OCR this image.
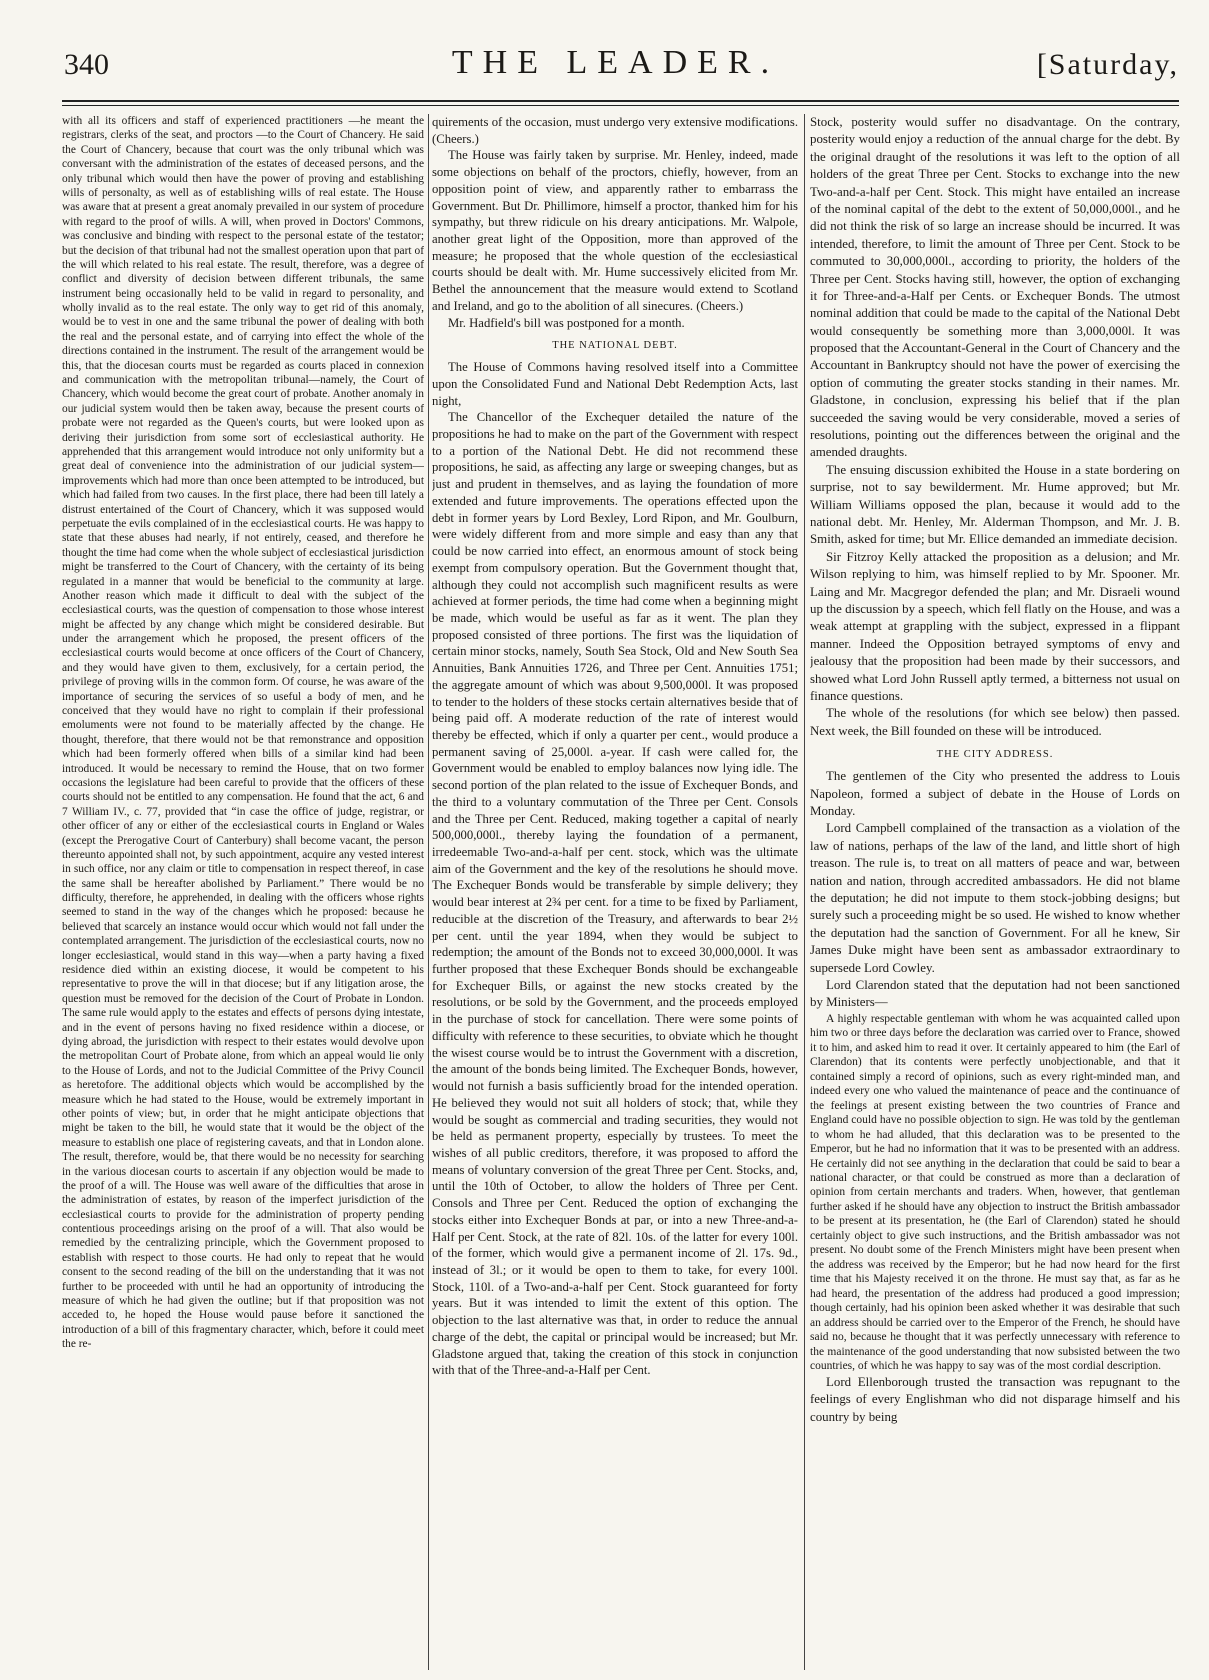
340	THE LEADER.	[Saturday,

with all its officers and staff of experienced practitioners —he meant the registrars, clerks of the seat, and proctors —to the Court of Chancery. He said the Court of Chancery, because that court was the only tribunal which was conversant with the administration of the estates of deceased persons, and the only tribunal which would then have the power of proving and establishing wills of personalty, as well as of establishing wills of real estate. The House was aware that at present a great anomaly prevailed in our system of procedure with regard to the proof of wills. A will, when proved in Doctors' Commons, was conclusive and binding with respect to the personal estate of the testator; but the decision of that tribunal had not the smallest operation upon that part of the will which related to his real estate. The result, therefore, was a degree of conflict and diversity of decision between different tribunals, the same instrument being occasionally held to be valid in regard to personality, and wholly invalid as to the real estate. The only way to get rid of this anomaly, would be to vest in one and the same tribunal the power of dealing with both the real and the personal estate, and of carrying into effect the whole of the directions contained in the instrument. The result of the arrangement would be this, that the diocesan courts must be regarded as courts placed in connexion and communication with the metropolitan tribunal—namely, the Court of Chancery, which would become the great court of probate. Another anomaly in our judicial system would then be taken away, because the present courts of probate were not regarded as the Queen's courts, but were looked upon as deriving their jurisdiction from some sort of ecclesiastical authority. He apprehended that this arrangement would introduce not only uniformity but a great deal of convenience into the administration of our judicial system—improvements which had more than once been attempted to be introduced, but which had failed from two causes. In the first place, there had been till lately a distrust entertained of the Court of Chancery, which it was supposed would perpetuate the evils complained of in the ecclesiastical courts. He was happy to state that these abuses had nearly, if not entirely, ceased, and therefore he thought the time had come when the whole subject of ecclesiastical jurisdiction might be transferred to the Court of Chancery, with the certainty of its being regulated in a manner that would be beneficial to the community at large. Another reason which made it difficult to deal with the subject of the ecclesiastical courts, was the question of compensation to those whose interest might be affected by any change which might be considered desirable. But under the arrangement which he proposed, the present officers of the ecclesiastical courts would become at once officers of the Court of Chancery, and they would have given to them, exclusively, for a certain period, the privilege of proving wills in the common form. Of course, he was aware of the importance of securing the services of so useful a body of men, and he conceived that they would have no right to complain if their professional emoluments were not found to be materially affected by the change. He thought, therefore, that there would not be that remonstrance and opposition which had been formerly offered when bills of a similar kind had been introduced. It would be necessary to remind the House, that on two former occasions the legislature had been careful to provide that the officers of these courts should not be entitled to any compensation. He found that the act, 6 and 7 William IV., c. 77, provided that “in case the office of judge, registrar, or other officer of any or either of the ecclesiastical courts in England or Wales (except the Prerogative Court of Canterbury) shall become vacant, the person thereunto appointed shall not, by such appointment, acquire any vested interest in such office, nor any claim or title to compensation in respect thereof, in case the same shall be hereafter abolished by Parliament.” There would be no difficulty, therefore, he apprehended, in dealing with the officers whose rights seemed to stand in the way of the changes which he proposed: because he believed that scarcely an instance would occur which would not fall under the contemplated arrangement. The jurisdiction of the ecclesiastical courts, now no longer ecclesiastical, would stand in this way—when a party having a fixed residence died within an existing diocese, it would be competent to his representative to prove the will in that diocese; but if any litigation arose, the question must be removed for the decision of the Court of Probate in London. The same rule would apply to the estates and effects of persons dying intestate, and in the event of persons having no fixed residence within a diocese, or dying abroad, the jurisdiction with respect to their estates would devolve upon the metropolitan Court of Probate alone, from which an appeal would lie only to the House of Lords, and not to the Judicial Committee of the Privy Council as heretofore. The additional objects which would be accomplished by the measure which he had stated to the House, would be extremely important in other points of view; but, in order that he might anticipate objections that might be taken to the bill, he would state that it would be the object of the measure to establish one place of registering caveats, and that in London alone. The result, therefore, would be, that there would be no necessity for searching in the various diocesan courts to ascertain if any objection would be made to the proof of a will. The House was well aware of the difficulties that arose in the administration of estates, by reason of the imperfect jurisdiction of the ecclesiastical courts to provide for the administration of property pending contentious proceedings arising on the proof of a will. That also would be remedied by the centralizing principle, which the Government proposed to establish with respect to those courts. He had only to repeat that he would consent to the second reading of the bill on the understanding that it was not further to be proceeded with until he had an opportunity of introducing the measure of which he had given the outline; but if that proposition was not acceded to, he hoped the House would pause before it sanctioned the introduction of a bill of this fragmentary character, which, before it could meet the re-

quirements of the occasion, must undergo very extensive modifications. (Cheers.)

The House was fairly taken by surprise. Mr. Henley, indeed, made some objections on behalf of the proctors, chiefly, however, from an opposition point of view, and apparently rather to embarrass the Government. But Dr. Phillimore, himself a proctor, thanked him for his sympathy, but threw ridicule on his dreary anticipations. Mr. Walpole, another great light of the Opposition, more than approved of the measure; he proposed that the whole question of the ecclesiastical courts should be dealt with. Mr. Hume successively elicited from Mr. Bethel the announcement that the measure would extend to Scotland and Ireland, and go to the abolition of all sinecures. (Cheers.)

Mr. Hadfield's bill was postponed for a month.

THE NATIONAL DEBT.

The House of Commons having resolved itself into a Committee upon the Consolidated Fund and National Debt Redemption Acts, last night,

The Chancellor of the Exchequer detailed the nature of the propositions he had to make on the part of the Government with respect to a portion of the National Debt. He did not recommend these propositions, he said, as affecting any large or sweeping changes, but as just and prudent in themselves, and as laying the foundation of more extended and future improvements. The operations effected upon the debt in former years by Lord Bexley, Lord Ripon, and Mr. Goulburn, were widely different from and more simple and easy than any that could be now carried into effect, an enormous amount of stock being exempt from compulsory operation. But the Government thought that, although they could not accomplish such magnificent results as were achieved at former periods, the time had come when a beginning might be made, which would be useful as far as it went. The plan they proposed consisted of three portions. The first was the liquidation of certain minor stocks, namely, South Sea Stock, Old and New South Sea Annuities, Bank Annuities 1726, and Three per Cent. Annuities 1751; the aggregate amount of which was about 9,500,000l. It was proposed to tender to the holders of these stocks certain alternatives beside that of being paid off. A moderate reduction of the rate of interest would thereby be effected, which if only a quarter per cent., would produce a permanent saving of 25,000l. a-year. If cash were called for, the Government would be enabled to employ balances now lying idle. The second portion of the plan related to the issue of Exchequer Bonds, and the third to a voluntary commutation of the Three per Cent. Consols and the Three per Cent. Reduced, making together a capital of nearly 500,000,000l., thereby laying the foundation of a permanent, irredeemable Two-and-a-half per cent. stock, which was the ultimate aim of the Government and the key of the resolutions he should move. The Exchequer Bonds would be transferable by simple delivery; they would bear interest at 2¾ per cent. for a time to be fixed by Parliament, reducible at the discretion of the Treasury, and afterwards to bear 2½ per cent. until the year 1894, when they would be subject to redemption; the amount of the Bonds not to exceed 30,000,000l. It was further proposed that these Exchequer Bonds should be exchangeable for Exchequer Bills, or against the new stocks created by the resolutions, or be sold by the Government, and the proceeds employed in the purchase of stock for cancellation. There were some points of difficulty with reference to these securities, to obviate which he thought the wisest course would be to intrust the Government with a discretion, the amount of the bonds being limited. The Exchequer Bonds, however, would not furnish a basis sufficiently broad for the intended operation. He believed they would not suit all holders of stock; that, while they would be sought as commercial and trading securities, they would not be held as permanent property, especially by trustees. To meet the wishes of all public creditors, therefore, it was proposed to afford the means of voluntary conversion of the great Three per Cent. Stocks, and, until the 10th of October, to allow the holders of Three per Cent. Consols and Three per Cent. Reduced the option of exchanging the stocks either into Exchequer Bonds at par, or into a new Three-and-a-Half per Cent. Stock, at the rate of 82l. 10s. of the latter for every 100l. of the former, which would give a permanent income of 2l. 17s. 9d., instead of 3l.; or it would be open to them to take, for every 100l. Stock, 110l. of a Two-and-a-half per Cent. Stock guaranteed for forty years. But it was intended to limit the extent of this option. The objection to the last alternative was that, in order to reduce the annual charge of the debt, the capital or principal would be increased; but Mr. Gladstone argued that, taking the creation of this stock in conjunction with that of the Three-and-a-Half per Cent.

Stock, posterity would suffer no disadvantage. On the contrary, posterity would enjoy a reduction of the annual charge for the debt. By the original draught of the resolutions it was left to the option of all holders of the great Three per Cent. Stocks to exchange into the new Two-and-a-half per Cent. Stock. This might have entailed an increase of the nominal capital of the debt to the extent of 50,000,000l., and he did not think the risk of so large an increase should be incurred. It was intended, therefore, to limit the amount of Three per Cent. Stock to be commuted to 30,000,000l., according to priority, the holders of the Three per Cent. Stocks having still, however, the option of exchanging it for Three-and-a-Half per Cents. or Exchequer Bonds. The utmost nominal addition that could be made to the capital of the National Debt would consequently be something more than 3,000,000l. It was proposed that the Accountant-General in the Court of Chancery and the Accountant in Bankruptcy should not have the power of exercising the option of commuting the greater stocks standing in their names. Mr. Gladstone, in conclusion, expressing his belief that if the plan succeeded the saving would be very considerable, moved a series of resolutions, pointing out the differences between the original and the amended draughts.

The ensuing discussion exhibited the House in a state bordering on surprise, not to say bewilderment. Mr. Hume approved; but Mr. William Williams opposed the plan, because it would add to the national debt. Mr. Henley, Mr. Alderman Thompson, and Mr. J. B. Smith, asked for time; but Mr. Ellice demanded an immediate decision.

Sir Fitzroy Kelly attacked the proposition as a delusion; and Mr. Wilson replying to him, was himself replied to by Mr. Spooner. Mr. Laing and Mr. Macgregor defended the plan; and Mr. Disraeli wound up the discussion by a speech, which fell flatly on the House, and was a weak attempt at grappling with the subject, expressed in a flippant manner. Indeed the Opposition betrayed symptoms of envy and jealousy that the proposition had been made by their successors, and showed what Lord John Russell aptly termed, a bitterness not usual on finance questions.

The whole of the resolutions (for which see below) then passed. Next week, the Bill founded on these will be introduced.

THE CITY ADDRESS.

The gentlemen of the City who presented the address to Louis Napoleon, formed a subject of debate in the House of Lords on Monday.

Lord Campbell complained of the transaction as a violation of the law of nations, perhaps of the law of the land, and little short of high treason. The rule is, to treat on all matters of peace and war, between nation and nation, through accredited ambassadors. He did not blame the deputation; he did not impute to them stock-jobbing designs; but surely such a proceeding might be so used. He wished to know whether the deputation had the sanction of Government. For all he knew, Sir James Duke might have been sent as ambassador extraordinary to supersede Lord Cowley.

Lord Clarendon stated that the deputation had not been sanctioned by Ministers—

A highly respectable gentleman with whom he was acquainted called upon him two or three days before the declaration was carried over to France, showed it to him, and asked him to read it over. It certainly appeared to him (the Earl of Clarendon) that its contents were perfectly unobjectionable, and that it contained simply a record of opinions, such as every right-minded man, and indeed every one who valued the maintenance of peace and the continuance of the feelings at present existing between the two countries of France and England could have no possible objection to sign. He was told by the gentleman to whom he had alluded, that this declaration was to be presented to the Emperor, but he had no information that it was to be presented with an address. He certainly did not see anything in the declaration that could be said to bear a national character, or that could be construed as more than a declaration of opinion from certain merchants and traders. When, however, that gentleman further asked if he should have any objection to instruct the British ambassador to be present at its presentation, he (the Earl of Clarendon) stated he should certainly object to give such instructions, and the British ambassador was not present. No doubt some of the French Ministers might have been present when the address was received by the Emperor; but he had now heard for the first time that his Majesty received it on the throne. He must say that, as far as he had heard, the presentation of the address had produced a good impression; though certainly, had his opinion been asked whether it was desirable that such an address should be carried over to the Emperor of the French, he should have said no, because he thought that it was perfectly unnecessary with reference to the maintenance of the good understanding that now subsisted between the two countries, of which he was happy to say was of the most cordial description.

Lord Ellenborough trusted the transaction was repugnant to the feelings of every Englishman who did not disparage himself and his country by being
